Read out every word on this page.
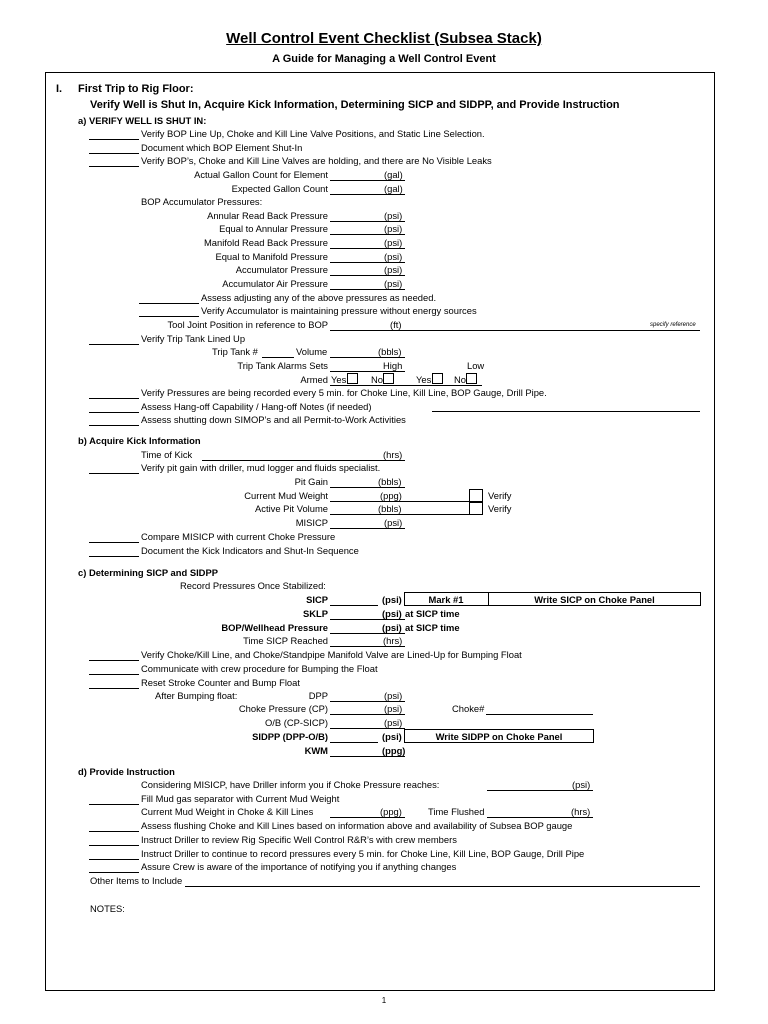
Well Control Event Checklist (Subsea Stack)
A Guide for Managing a Well Control Event
I. First Trip to Rig Floor:
Verify Well is Shut In, Acquire Kick Information, Determining SICP and SIDPP, and Provide Instruction
a) VERIFY WELL IS SHUT IN:
Verify BOP Line Up, Choke and Kill Line Valve Positions, and Static Line Selection.
Document which BOP Element Shut-In
Verify BOP’s, Choke and Kill Line Valves are holding, and there are No Visible Leaks
Actual Gallon Count for Element	(gal)
Expected Gallon Count	(gal)
BOP Accumulator Pressures:
Annular Read Back Pressure	(psi)
Equal to Annular Pressure	(psi)
Manifold Read Back Pressure	(psi)
Equal to Manifold Pressure	(psi)
Accumulator Pressure	(psi)
Accumulator Air Pressure	(psi)
Assess adjusting any of the above pressures as needed.
Verify Accumulator is maintaining pressure without energy sources
Tool Joint Position in reference to BOP	(ft)	specify reference
Verify Trip Tank Lined Up
Trip Tank #	Volume	(bbls)
Trip Tank Alarms Sets	High	Low
Armed Yes	No	Yes No
Verify Pressures are being recorded every 5 min. for Choke Line, Kill Line, BOP Gauge, Drill Pipe.
Assess Hang-off Capability / Hang-off Notes (if needed)
Assess shutting down SIMOP’s and all Permit-to-Work Activities
b) Acquire Kick Information
Time of Kick	(hrs)
Verify pit gain with driller, mud logger and fluids specialist.
Pit Gain	(bbls)
Current Mud Weight	(ppg)	Verify
Active Pit Volume	(bbls)	Verify
MISICP	(psi)
Compare MISICP with current Choke Pressure
Document the Kick Indicators and Shut-In Sequence
c) Determining SICP and SIDPP
Record Pressures Once Stabilized:
SICP	(psi)	Mark #1	Write SICP on Choke Panel
SKLP	(psi) at SICP time
BOP/Wellhead Pressure	(psi) at SICP time
Time SICP Reached	(hrs)
Verify Choke/Kill Line, and Choke/Standpipe Manifold Valve are Lined-Up for Bumping Float
Communicate with crew procedure for Bumping the Float
Reset Stroke Counter and Bump Float
After Bumping float:	DPP	(psi)
Choke Pressure (CP)	(psi)	Choke#
O/B (CP-SICP)	(psi)
SIDPP (DPP-O/B)	(psi)	Write SIDPP on Choke Panel
KWM	(ppg)
d) Provide Instruction
Considering MISICP, have Driller inform you if Choke Pressure reaches:	(psi)
Fill Mud gas separator with Current Mud Weight
Current Mud Weight in Choke & Kill Lines	(ppg)	Time Flushed	(hrs)
Assess flushing Choke and Kill Lines based on information above and availability of Subsea BOP gauge
Instruct Driller to review Rig Specific Well Control R&R’s with crew members
Instruct Driller to continue to record pressures every 5 min. for Choke Line, Kill Line, BOP Gauge, Drill Pipe
Assure Crew is aware of the importance of notifying you if anything changes
Other Items to Include
NOTES:
1
